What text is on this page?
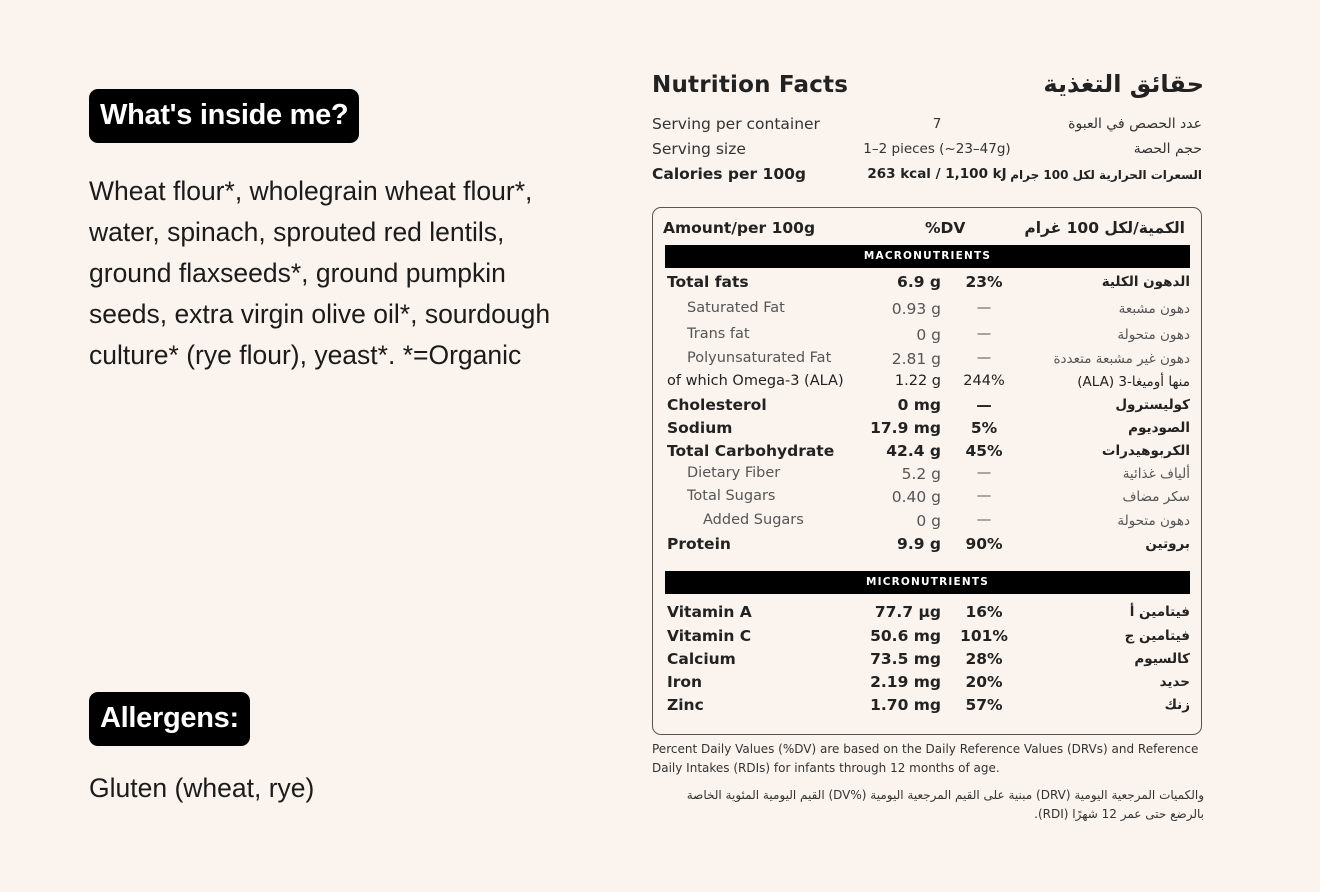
What's inside me?
Wheat flour*, wholegrain wheat flour*, water, spinach, sprouted red lentils, ground flaxseeds*, ground pumpkin seeds, extra virgin olive oil*, sourdough culture* (rye flour), yeast*. *=Organic
Allergens:
Gluten (wheat, rye)
Nutrition Facts	حقائق التغذية
Serving per container	7	عدد الحصص في العبوة
Serving size	1–2 pieces (~23–47g)	حجم الحصة
Calories per 100g	263 kcal / 1,100 kJ السعرات الحرارية لكل 100 جرام
Amount/per 100g	%DV	الكمية/لكل 100 غرام
MACRONUTRIENTS
MICRONUTRIENTS
Total fats	6.9 g	23%	الدهون الكلية
Saturated Fat	0.93 g	—	دهون مشبعة
Trans fat	0 g	—	دهون متحولة
Polyunsaturated Fat	2.81 g	—	دهون غير مشبعة متعددة
of which Omega-3 (ALA)	1.22 g 244%	منها أوميغا-3 (ALA)
Cholesterol	0 mg	—	كوليسترول
Sodium	17.9 mg	5%	الصوديوم
Total Carbohydrate	42.4 g	45%	الكربوهيدرات
Dietary Fiber	5.2 g	—	ألياف غذائية
Total Sugars	0.40 g	—	سكر مضاف
Added Sugars	0 g	—	دهون متحولة
Protein	9.9 g	90%	بروتين
Vitamin A	77.7 µg	16%	فيتامين أ
Vitamin C	50.6 mg 101%	فيتامين ج
Calcium	73.5 mg	28%	كالسيوم
Iron	2.19 mg	20%	حديد
Zinc	1.70 mg	57%	زنك
Percent Daily Values (%DV) are based on the Daily Reference Values (DRVs) and Reference Daily Intakes (RDIs) for infants through 12 months of age.
والكميات المرجعية اليومية (DRV) مبنية على القيم المرجعية اليومية (%DV) القيم اليومية المئوية الخاصة بالرضع حتى عمر 12 شهرًا (RDI).
